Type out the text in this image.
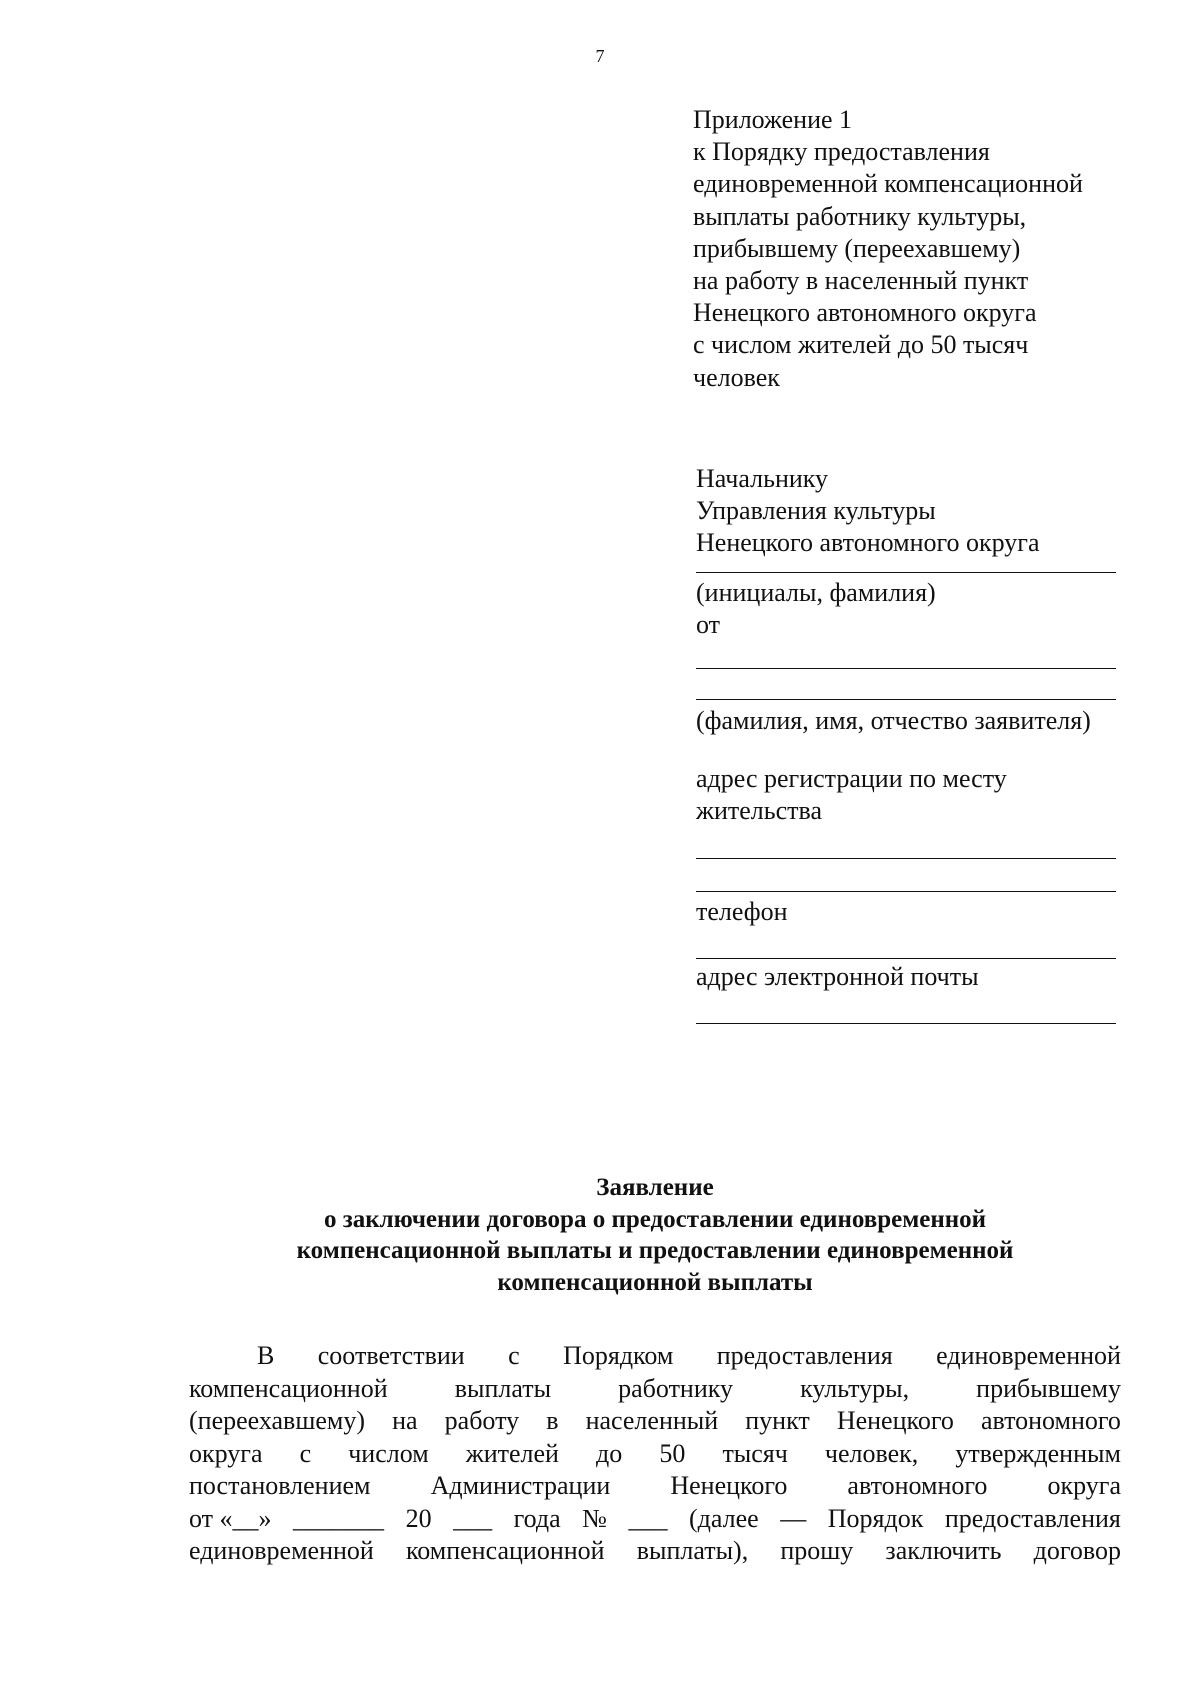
7
Приложение 1
к Порядку предоставления
единовременной компенсационной
выплаты работнику культуры,
прибывшему (переехавшему)
на работу в населенный пункт
Ненецкого автономного округа
с числом жителей до 50 тысяч
человек
Начальнику
Управления культуры
Ненецкого автономного округа
(инициалы, фамилия)
от
(фамилия, имя, отчество заявителя)
адрес регистрации по месту
жительства
телефон
адрес электронной почты
Заявление
о заключении договора о предоставлении единовременной
компенсационной выплаты и предоставлении единовременной
компенсационной выплаты
В соответствии с Порядком предоставления единовременной
компенсационной	выплаты	работнику	культуры,	прибывшему
(переехавшему) на работу в населенный пункт Ненецкого автономного
округа с числом жителей до 50 тысяч человек, утвержденным
постановлением Администрации Ненецкого автономного округа
от «__» _______ 20 ___ года № ___ (далее — Порядок предоставления
единовременной компенсационной выплаты), прошу заключить договор
